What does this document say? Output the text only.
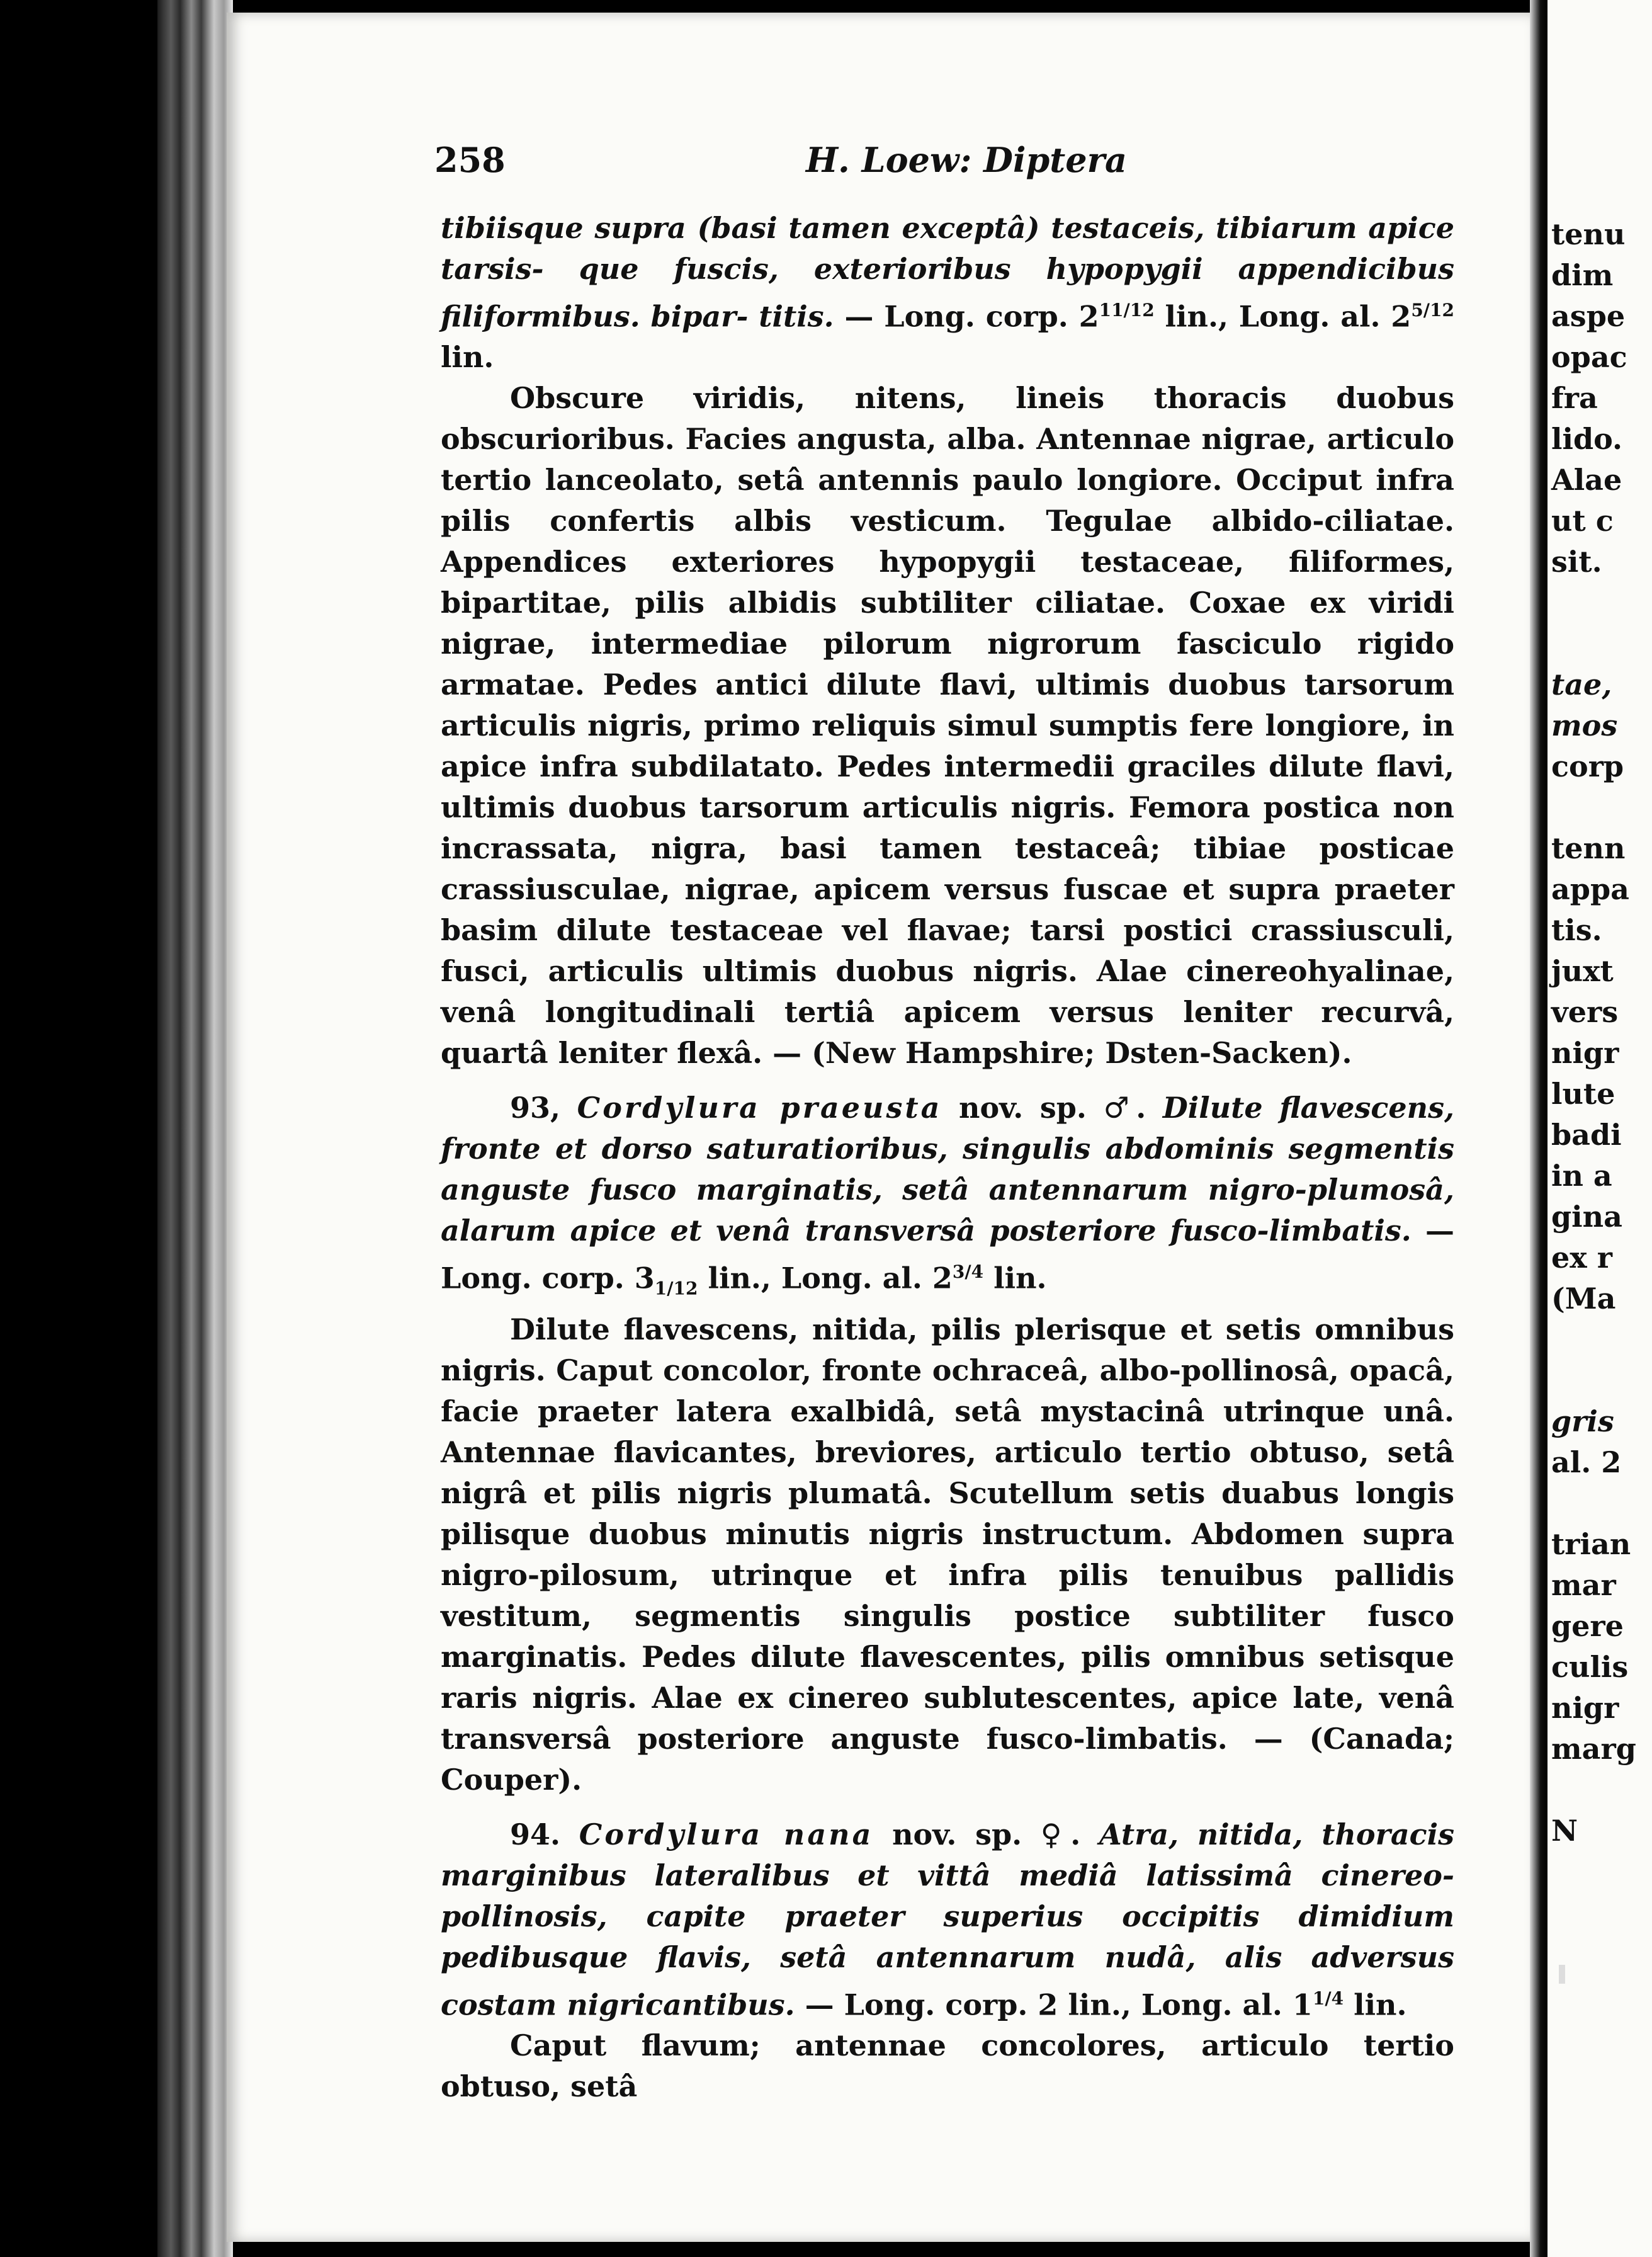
258	H. Loew: Diptera

tibiisque supra (basi tamen exceptâ) testaceis, tibiarum apice tarsis- que fuscis, exterioribus hypopygii appendicibus filiformibus. bipar- titis. — Long. corp. $2^{11/12}$ lin., Long. al. $2^{5/12}$ lin.

Obscure viridis, nitens, lineis thoracis duobus obscurioribus. Facies angusta, alba. Antennae nigrae, articulo tertio lanceolato, setâ antennis paulo longiore. Occiput infra pilis confertis albis vesticum. Tegulae albido-ciliatae. Appendices exteriores hypopygii testaceae, filiformes, bipartitae, pilis albidis subtiliter ciliatae. Coxae ex viridi nigrae, intermediae pilorum nigrorum fasciculo rigido armatae. Pedes antici dilute flavi, ultimis duobus tarsorum articulis nigris, primo reliquis simul sumptis fere longiore, in apice infra subdilatato. Pedes intermedii graciles dilute flavi, ultimis duobus tarsorum articulis nigris. Femora postica non incrassata, nigra, basi tamen testaceâ; tibiae posticae crassiusculae, nigrae, apicem versus fuscae et supra praeter basim dilute testaceae vel flavae; tarsi postici crassiusculi, fusci, articulis ultimis duobus nigris. Alae cinereohyalinae, venâ longitudinali tertiâ apicem versus leniter recurvâ, quartâ leniter flexâ. — (New Hampshire; Dsten-Sacken).

93, Cordylura praeusta nov. sp. ♂. Dilute flavescens, fronte et dorso saturatioribus, singulis abdominis segmentis anguste fusco marginatis, setâ antennarum nigro-plumosâ, alarum apice et venâ transversâ posteriore fusco-limbatis. — Long. corp. $3_{1/12}$ lin., Long. al. $2^{3/4}$ lin.

Dilute flavescens, nitida, pilis plerisque et setis omnibus nigris. Caput concolor, fronte ochraceâ, albo-pollinosâ, opacâ, facie praeter latera exalbidâ, setâ mystacinâ utrinque unâ. Antennae flavicantes, breviores, articulo tertio obtuso, setâ nigrâ et pilis nigris plumatâ. Scutellum setis duabus longis pilisque duobus minutis nigris instructum. Abdomen supra nigro-pilosum, utrinque et infra pilis tenuibus pallidis vestitum, segmentis singulis postice subtiliter fusco marginatis. Pedes dilute flavescentes, pilis omnibus setisque raris nigris. Alae ex cinereo sublutescentes, apice late, venâ transversâ posteriore anguste fusco-limbatis. — (Canada; Couper).

94. Cordylura nana nov. sp. ♀. Atra, nitida, thoracis marginibus lateralibus et vittâ mediâ latissimâ cinereo-pollinosis, capite praeter superius occipitis dimidium pedibusque flavis, setâ antennarum nudâ, alis adversus costam nigricantibus. — Long. corp. 2 lin., Long. al. $1^{1/4}$ lin.

Caput flavum; antennae concolores, articulo tertio obtuso, setâ

tenu
dim
aspe
opac
fra
lido.
Alae
ut c
sit.
tae,
mos
corp
tenn
appa
tis.
juxt
vers
nigr
lute
badi
in a
gina
ex r
(Ma
gris
al. 2
trian
mar
gere
culis
nigr
marg
N
